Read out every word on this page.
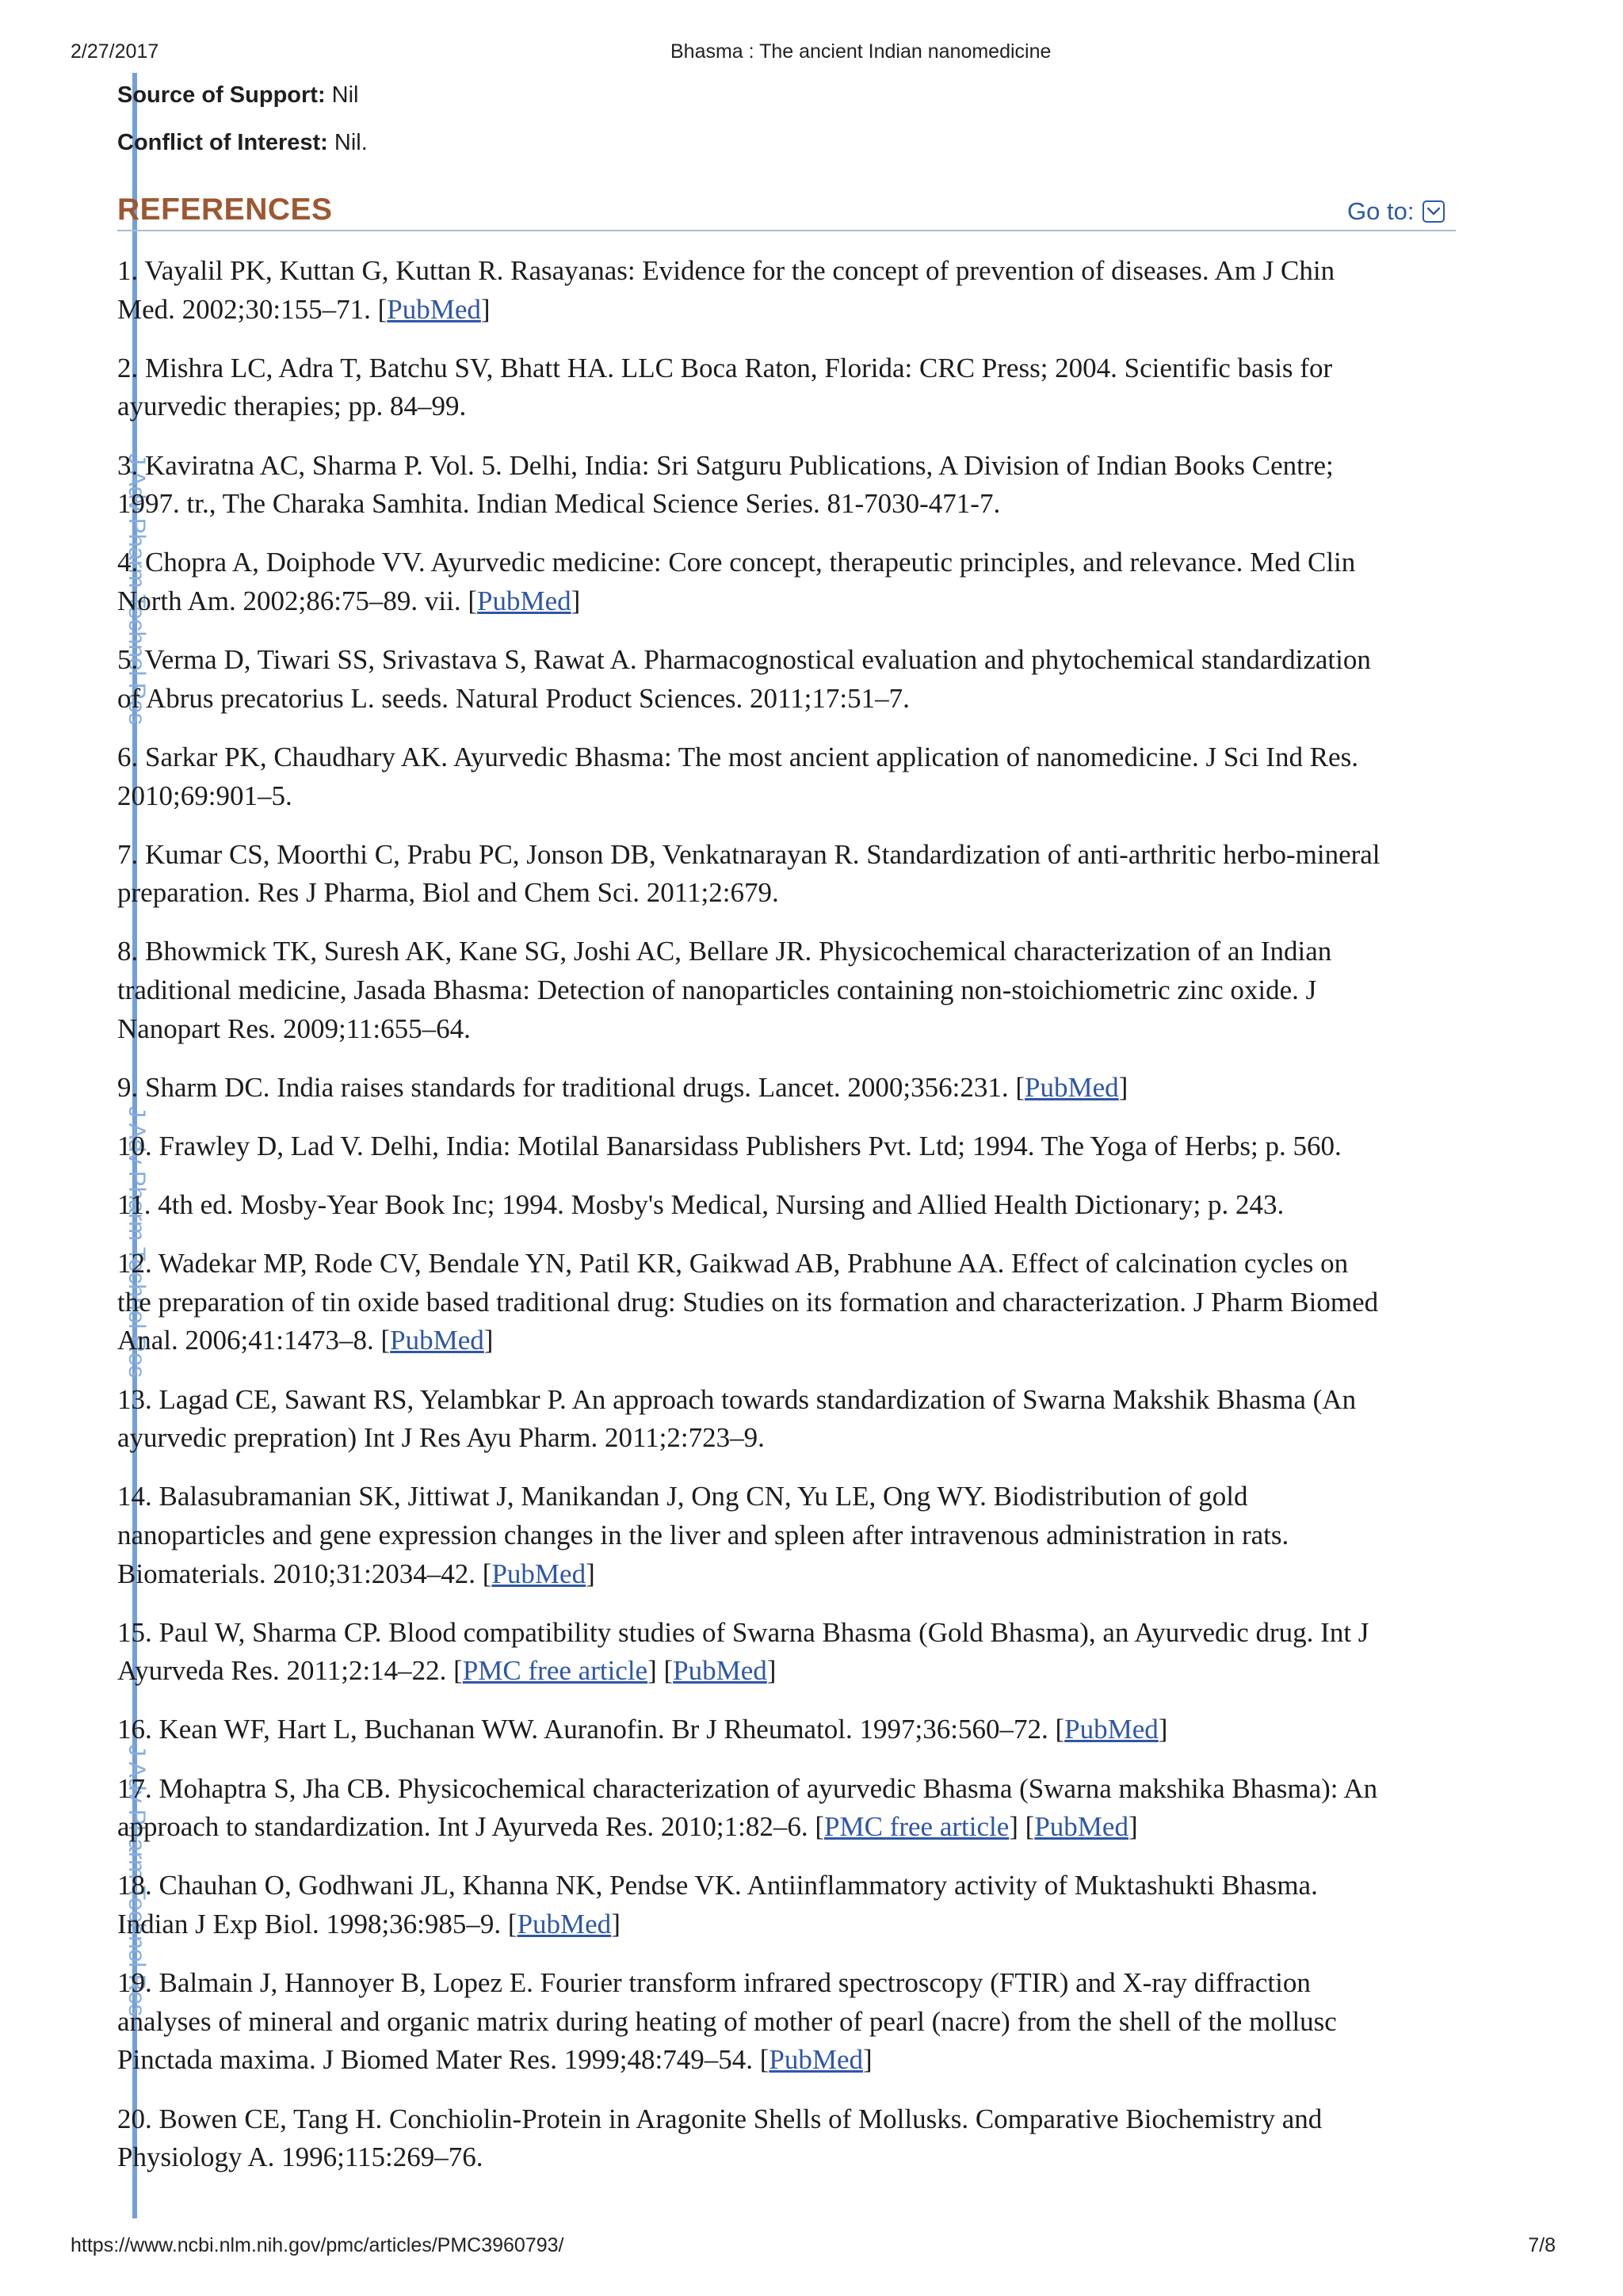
2/27/2017	Bhasma : The ancient Indian nanomedicine
J Adv Pharm Technol Res
J Adv Pharm Technol Res
J Adv Pharm Technol Res
Source of Support: Nil
Conflict of Interest: Nil.
REFERENCES	Go to:
1. Vayalil PK, Kuttan G, Kuttan R. Rasayanas: Evidence for the concept of prevention of diseases. Am J Chin
Med. 2002;30:155–71. [PubMed]
2. Mishra LC, Adra T, Batchu SV, Bhatt HA. LLC Boca Raton, Florida: CRC Press; 2004. Scientific basis for
ayurvedic therapies; pp. 84–99.
3. Kaviratna AC, Sharma P. Vol. 5. Delhi, India: Sri Satguru Publications, A Division of Indian Books Centre;
1997. tr., The Charaka Samhita. Indian Medical Science Series. 81-7030-471-7.
4. Chopra A, Doiphode VV. Ayurvedic medicine: Core concept, therapeutic principles, and relevance. Med Clin
North Am. 2002;86:75–89. vii. [PubMed]
5. Verma D, Tiwari SS, Srivastava S, Rawat A. Pharmacognostical evaluation and phytochemical standardization
of Abrus precatorius L. seeds. Natural Product Sciences. 2011;17:51–7.
6. Sarkar PK, Chaudhary AK. Ayurvedic Bhasma: The most ancient application of nanomedicine. J Sci Ind Res.
2010;69:901–5.
7. Kumar CS, Moorthi C, Prabu PC, Jonson DB, Venkatnarayan R. Standardization of anti-arthritic herbo-mineral
preparation. Res J Pharma, Biol and Chem Sci. 2011;2:679.
8. Bhowmick TK, Suresh AK, Kane SG, Joshi AC, Bellare JR. Physicochemical characterization of an Indian
traditional medicine, Jasada Bhasma: Detection of nanoparticles containing non-stoichiometric zinc oxide. J
Nanopart Res. 2009;11:655–64.
9. Sharm DC. India raises standards for traditional drugs. Lancet. 2000;356:231. [PubMed]
10. Frawley D, Lad V. Delhi, India: Motilal Banarsidass Publishers Pvt. Ltd; 1994. The Yoga of Herbs; p. 560.
11. 4th ed. Mosby-Year Book Inc; 1994. Mosby's Medical, Nursing and Allied Health Dictionary; p. 243.
12. Wadekar MP, Rode CV, Bendale YN, Patil KR, Gaikwad AB, Prabhune AA. Effect of calcination cycles on
the preparation of tin oxide based traditional drug: Studies on its formation and characterization. J Pharm Biomed
Anal. 2006;41:1473–8. [PubMed]
13. Lagad CE, Sawant RS, Yelambkar P. An approach towards standardization of Swarna Makshik Bhasma (An
ayurvedic prepration) Int J Res Ayu Pharm. 2011;2:723–9.
14. Balasubramanian SK, Jittiwat J, Manikandan J, Ong CN, Yu LE, Ong WY. Biodistribution of gold
nanoparticles and gene expression changes in the liver and spleen after intravenous administration in rats.
Biomaterials. 2010;31:2034–42. [PubMed]
15. Paul W, Sharma CP. Blood compatibility studies of Swarna Bhasma (Gold Bhasma), an Ayurvedic drug. Int J
Ayurveda Res. 2011;2:14–22. [PMC free article] [PubMed]
16. Kean WF, Hart L, Buchanan WW. Auranofin. Br J Rheumatol. 1997;36:560–72. [PubMed]
17. Mohaptra S, Jha CB. Physicochemical characterization of ayurvedic Bhasma (Swarna makshika Bhasma): An
approach to standardization. Int J Ayurveda Res. 2010;1:82–6. [PMC free article] [PubMed]
18. Chauhan O, Godhwani JL, Khanna NK, Pendse VK. Antiinflammatory activity of Muktashukti Bhasma.
Indian J Exp Biol. 1998;36:985–9. [PubMed]
19. Balmain J, Hannoyer B, Lopez E. Fourier transform infrared spectroscopy (FTIR) and X-ray diffraction
analyses of mineral and organic matrix during heating of mother of pearl (nacre) from the shell of the mollusc
Pinctada maxima. J Biomed Mater Res. 1999;48:749–54. [PubMed]
20. Bowen CE, Tang H. Conchiolin-Protein in Aragonite Shells of Mollusks. Comparative Biochemistry and
Physiology A. 1996;115:269–76.
https://www.ncbi.nlm.nih.gov/pmc/articles/PMC3960793/	7/8
